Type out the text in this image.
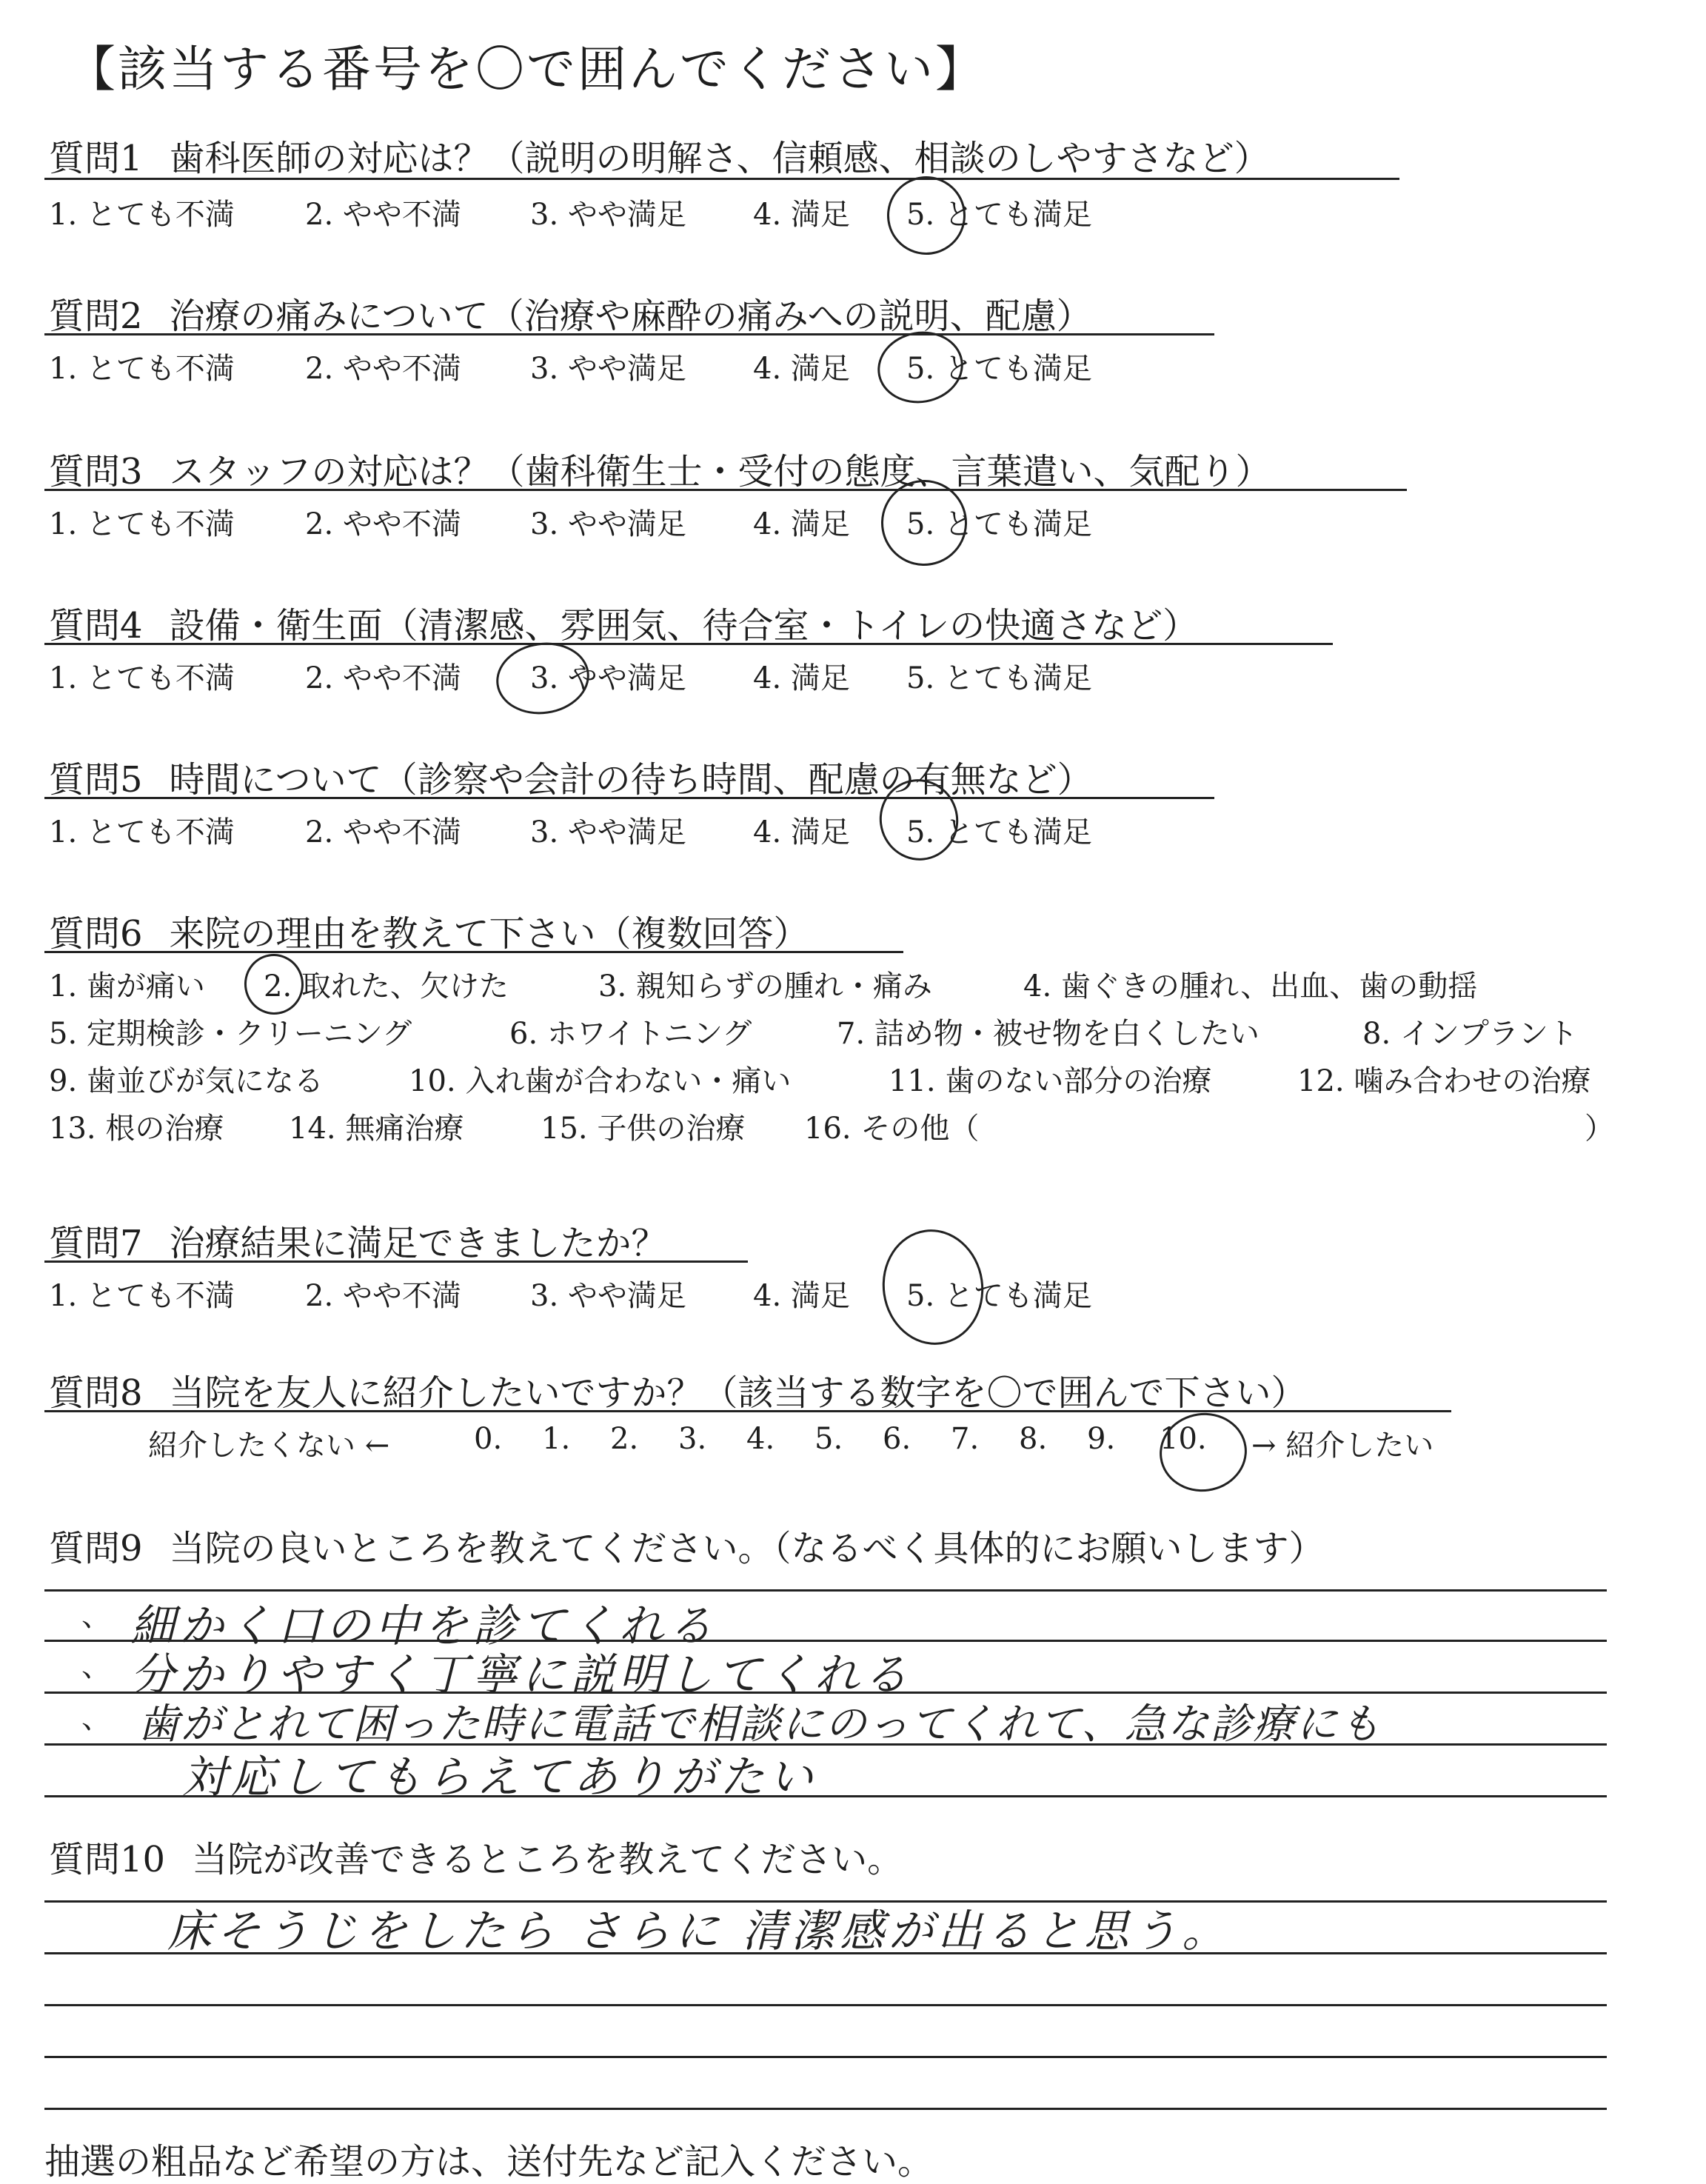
【該当する番号を〇で囲んでください】
質問1 歯科医師の対応は？（説明の明解さ、信頼感、相談のしやすさなど）
1. とても不満 2. やや不満 3. やや満足 4. 満足 5. とても満足
質問2 治療の痛みについて（治療や麻酔の痛みへの説明、配慮）
1. とても不満 2. やや不満 3. やや満足 4. 満足 5. とても満足
質問3 スタッフの対応は？（歯科衛生士・受付の態度、言葉遣い、気配り）
1. とても不満 2. やや不満 3. やや満足 4. 満足 5. とても満足
質問4 設備・衛生面（清潔感、雰囲気、待合室・トイレの快適さなど）
1. とても不満 2. やや不満 3. やや満足 4. 満足 5. とても満足
質問5 時間について（診察や会計の待ち時間、配慮の有無など）
1. とても不満 2. やや不満 3. やや満足 4. 満足 5. とても満足
質問6 来院の理由を教えて下さい（複数回答）
1. 歯が痛い 2. 取れた、欠けた	3. 親知らずの腫れ・痛み	4. 歯ぐきの腫れ、出血、歯の動揺
5. 定期検診・クリーニング	6. ホワイトニング	7. 詰め物・被せ物を白くしたい	8. インプラント
9. 歯並びが気になる	10. 入れ歯が合わない・痛い	11. 歯のない部分の治療	12. 噛み合わせの治療
13. 根の治療 14. 無痛治療	15. 子供の治療 16. その他（	）
質問7 治療結果に満足できましたか？
1. とても不満 2. やや不満 3. やや満足 4. 満足 5. とても満足
質問8 当院を友人に紹介したいですか？（該当する数字を〇で囲んで下さい）
紹介したくない ←	0. 1. 2. 3. 4. 5. 6. 7. 8. 9. 10. → 紹介したい
質問9 当院の良いところを教えてください。（なるべく具体的にお願いします）
、
、
、
細かく口の中を診てくれる
分かりやすく丁寧に説明してくれる
歯がとれて困った時に電話で相談にのってくれて、急な診療にも
対応してもらえてありがたい
質問10 当院が改善できるところを教えてください。
床そうじをしたら さらに 清潔感が出ると思う。
抽選の粗品など希望の方は、送付先など記入ください。
